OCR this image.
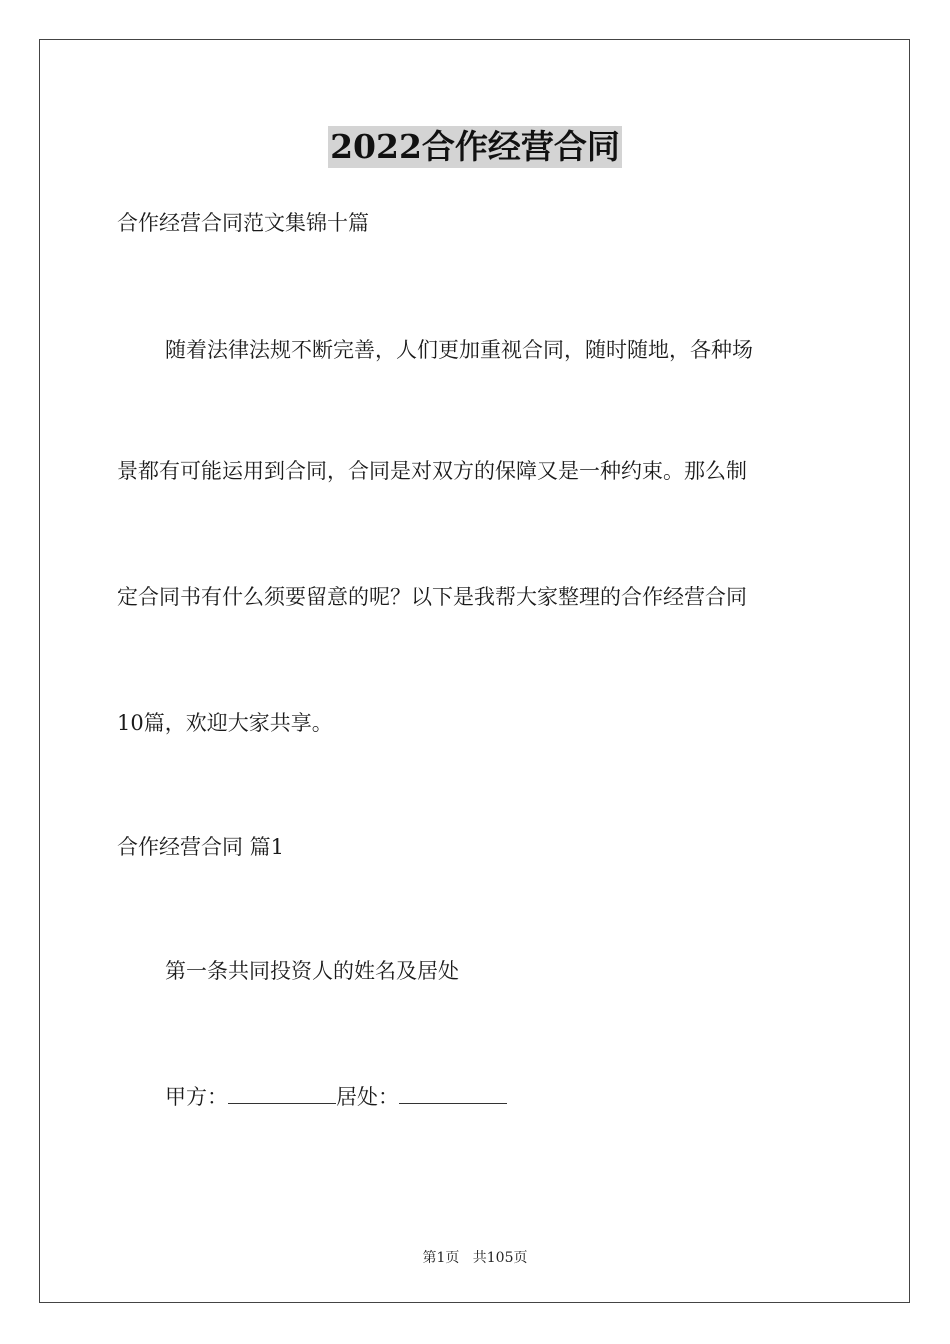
2022合作经营合同
合作经营合同范文集锦十篇
随着法律法规不断完善，人们更加重视合同，随时随地，各种场
景都有可能运用到合同，合同是对双方的保障又是一种约束。那么制
定合同书有什么须要留意的呢？以下是我帮大家整理的合作经营合同
10篇，欢迎大家共享。
合作经营合同 篇1
第一条共同投资人的姓名及居处
甲方：	居处：
第1页 共105页
